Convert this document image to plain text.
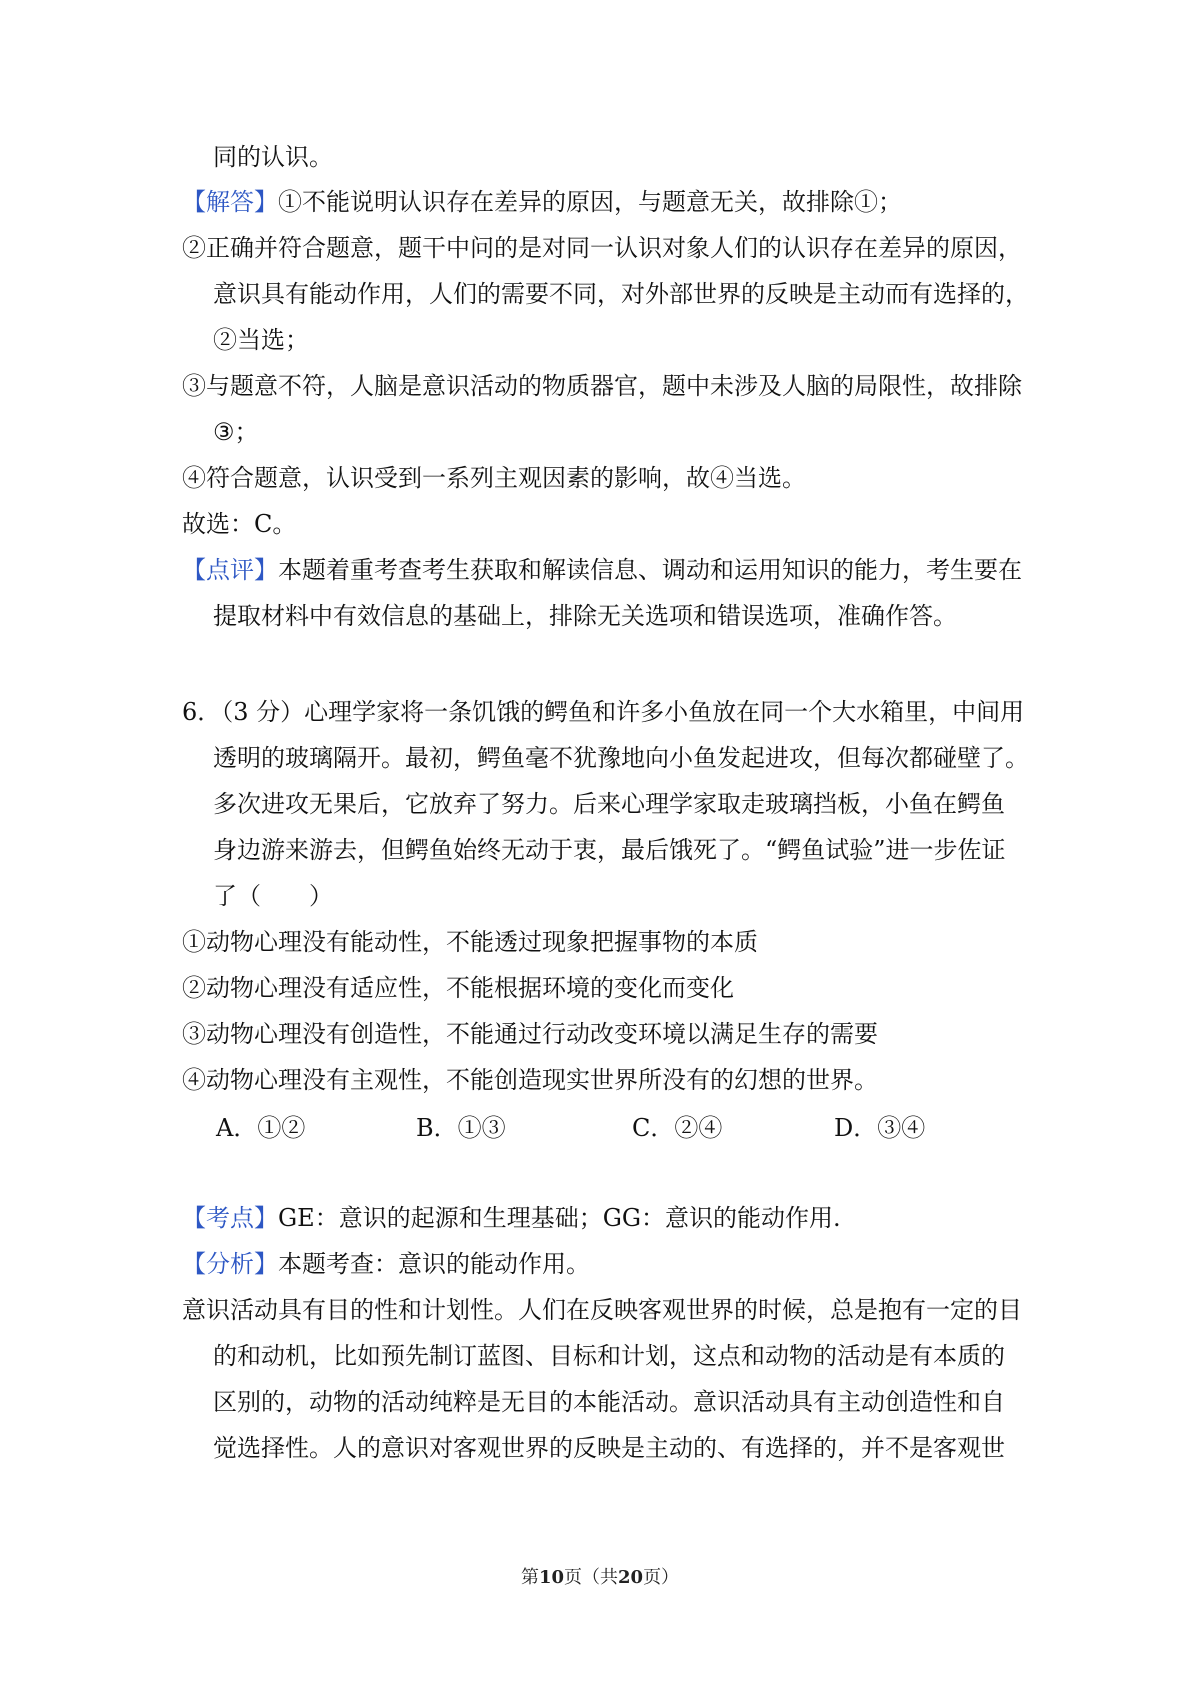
同的认识。
【解答】①不能说明认识存在差异的原因，与题意无关，故排除①；
②正确并符合题意，题干中问的是对同一认识对象人们的认识存在差异的原因，
意识具有能动作用，人们的需要不同，对外部世界的反映是主动而有选择的，
②当选；
③与题意不符，人脑是意识活动的物质器官，题中未涉及人脑的局限性，故排除
③；
④符合题意，认识受到一系列主观因素的影响，故④当选。
故选：C。
【点评】本题着重考查考生获取和解读信息、调动和运用知识的能力，考生要在
提取材料中有效信息的基础上，排除无关选项和错误选项，准确作答。
6．（3 分）心理学家将一条饥饿的鳄鱼和许多小鱼放在同一个大水箱里，中间用
透明的玻璃隔开。最初，鳄鱼毫不犹豫地向小鱼发起进攻，但每次都碰壁了。
多次进攻无果后，它放弃了努力。后来心理学家取走玻璃挡板，小鱼在鳄鱼
身边游来游去，但鳄鱼始终无动于衷，最后饿死了。“鳄鱼试验”进一步佐证
了（　　）
①动物心理没有能动性，不能透过现象把握事物的本质
②动物心理没有适应性，不能根据环境的变化而变化
③动物心理没有创造性，不能通过行动改变环境以满足生存的需要
④动物心理没有主观性，不能创造现实世界所没有的幻想的世界。
A．①②	B．①③	C．②④	D．③④
【考点】GE：意识的起源和生理基础；GG：意识的能动作用.
【分析】本题考查：意识的能动作用。
意识活动具有目的性和计划性。人们在反映客观世界的时候，总是抱有一定的目
的和动机，比如预先制订蓝图、目标和计划，这点和动物的活动是有本质的
区别的，动物的活动纯粹是无目的本能活动。意识活动具有主动创造性和自
觉选择性。人的意识对客观世界的反映是主动的、有选择的，并不是客观世
第10页（共20页）
